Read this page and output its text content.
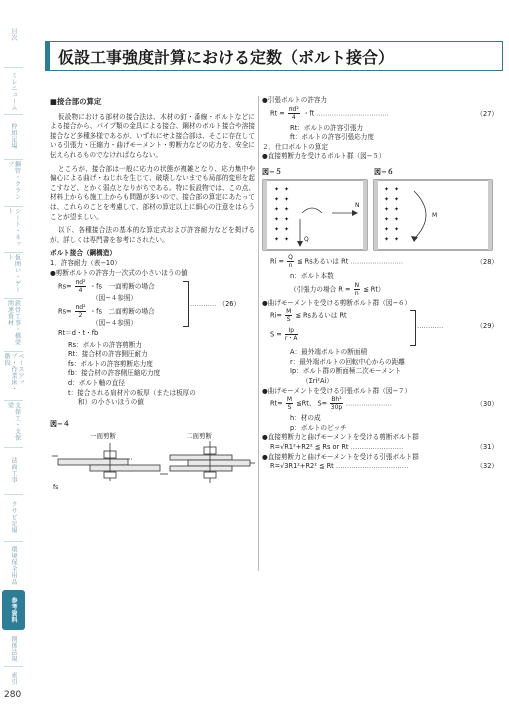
目次
ミレニューム
枠組足場
鋼管・クランプ
シート・ネット
仮囲い・ゲート
鉄骨工事・橋梁関連資材
ベースアップ・作業床・階段
支保工・支保梁
法面工事
クサビ足場
環境保全用品
参考資料
関係法規
索引
280
仮設工事強度計算における定数（ボルト接合）
■接合部の算定

仮設物における部材の接合法は、木材の釘・番線・ボルトなどによる接合から、パイプ類の金具による接合、鋼材のボルト接合や溶接接合など多種多様であるが、いずれにせよ接合部は、そこに存在している引張力・圧縮力・曲げモーメント・剪断力などの応力を、安全に伝えられるものでなければならない。

ところが、接合部は一般に応力の状態が複雑となり、応力集中や偏心による曲げ・ねじれを生じて、破壊しないまでも局部的変形を起こすなど、とかく弱点となりがちである。特に仮設物では、この点、材料上からも施工上からも問題が多いので、接合部の算定にあたっては、これらのことを考慮して、部材の算定以上に細心の注意をはらうことが望ましい。

以下、各種接合法の基本的な算定式および許容耐力などを掲げるが、詳しくは専門書を参考にされたい。

ボルト接合（鋼構造）
1．許容耐力（表−10）
●剪断ボルトの許容力一次式の小さいほうの値
$Rs= \frac{\text{πd²}}{4}$ ・fs　一面剪断の場合
（図−４参照）
$Rs= \frac{\text{πd²}}{2}$ ・fs　二面剪断の場合
（図−４参照）
………… （26）
Rt＝d・t・fb
Rs：ボルトの許容剪断力
Rt：接合材の許容側圧耐力
fs：ボルトの許容剪断応力度
fb：接合材の許容側圧縮応力度
d：ボルト軸の直径
t：接合される肩材片の板厚（または板厚の
和）の小さいほうの値
図−４
一面剪断	二面剪断
fs
●引張ボルトの許容力
$Rt = \frac{\text{πd²}}{4}$ ・ft ……………………………	（27）
Rt：ボルトの許容引張力
ft：ボルトの許容引張応力度
２．仕口ボルトの算定
●直接剪断力を受けるボルト群（図−５）
図−５	図−６
✦ ✦
✦ ✦
✦ ✦
✦ ✦
✦ ✦
✦ ✦
N
Q
✦ ✦
✦ ✦
✦ ✦
✦ ✦
✦ ✦
✦ ✦
M
$Ri = \frac{Q}{n}$ ≦ Rsあるいは Rt ……………………	（28）
n：ボルト本数
（引張力の場合 $R = \frac{N}{n}$ ≦ Rt）
●曲げモーメントを受ける剪断ボルト群（図−６）
$Ri= \frac{M}{S}$ ≦ Rsあるいは Rt
$S = \frac{Ip}{r・A}$
…………	（29）
A：最外端ボルトの断面積
r：最外端ボルトの回転中心からの距離
Ip：ボルト群の断面極二次モーメント
（Σri²Ai）
●曲げモーメントを受ける引張ボルト群（図−７）
$Rt= \frac{M}{S}$ ≦Rt、 $S= \frac{\text{Bh²}}{30p}$ …………………	（30）
h：材の成
p：ボルトのピッチ
●直接剪断力と曲げモーメントを受ける剪断ボルト群
R=√R1²+R2² ≦ Rs or Rt ……………………	（31）
●直接剪断力と曲げモーメントを受ける引張ボルト群
R=√3R1²+R2² ≦ Rt ……………………………	（32）
